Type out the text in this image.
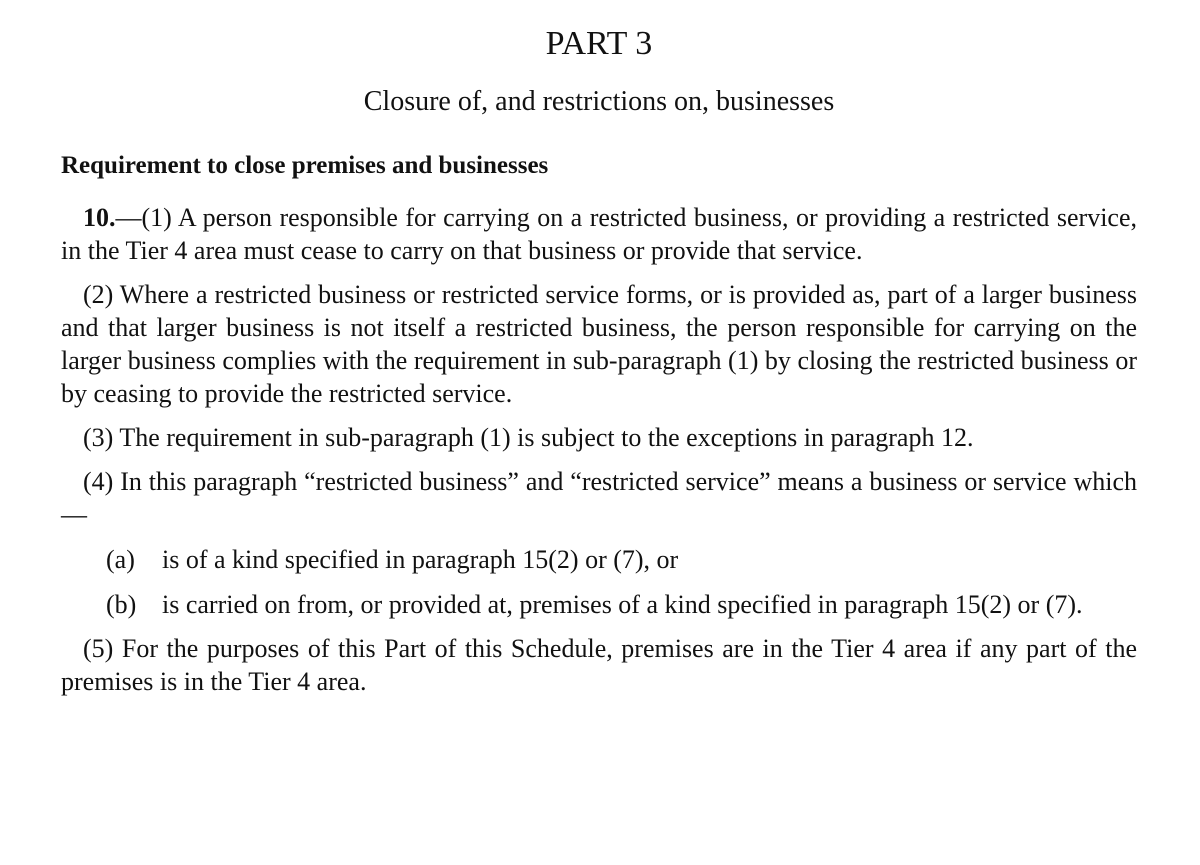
PART 3
Closure of, and restrictions on, businesses
Requirement to close premises and businesses

10.—(1) A person responsible for carrying on a restricted business, or providing a restricted service, in the Tier 4 area must cease to carry on that business or provide that service.

(2) Where a restricted business or restricted service forms, or is provided as, part of a larger business and that larger business is not itself a restricted business, the person responsible for carrying on the larger business complies with the requirement in sub-paragraph (1) by closing the restricted business or by ceasing to provide the restricted service.

(3) The requirement in sub-paragraph (1) is subject to the exceptions in paragraph 12.

(4) In this paragraph “restricted business” and “restricted service” means a business or service which—

(a) is of a kind specified in paragraph 15(2) or (7), or
(b) is carried on from, or provided at, premises of a kind specified in paragraph 15(2) or (7).

(5) For the purposes of this Part of this Schedule, premises are in the Tier 4 area if any part of the premises is in the Tier 4 area.
